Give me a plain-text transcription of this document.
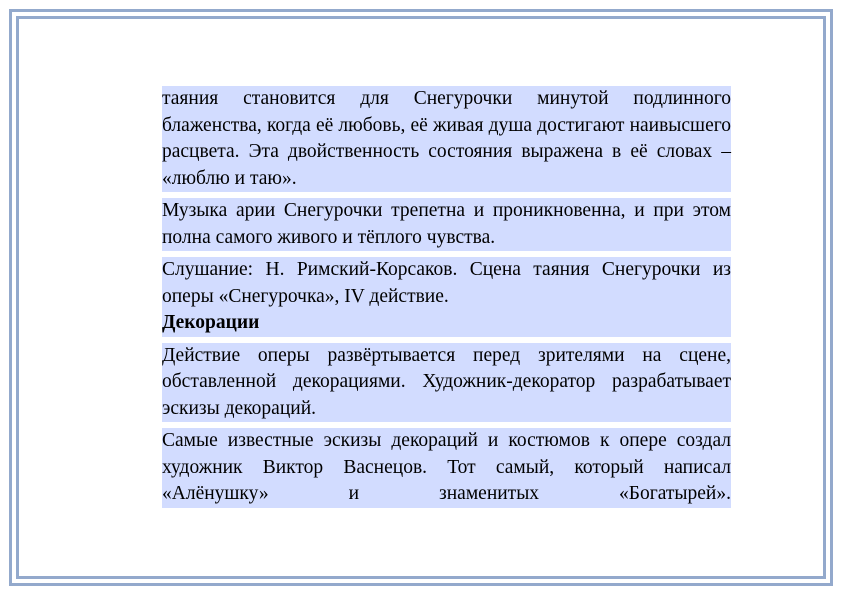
таяния становится для Снегурочки минутой подлинного блаженства, когда её любовь, её живая душа достигают наивысшего расцвета. Эта двойственность состояния выражена в её словах – «люблю и таю».

Музыка арии Снегурочки трепетна и проникновенна, и при этом полна самого живого и тёплого чувства.

Слушание: Н. Римский-Корсаков. Сцена таяния Снегурочки из оперы «Снегурочка», IV действие.

Декорации

Действие оперы развёртывается перед зрителями на сцене, обставленной декорациями. Художник-декоратор разрабатывает эскизы декораций.

Самые известные эскизы декораций и костюмов к опере создал художник Виктор Васнецов. Тот самый, который написал «Алёнушку» и знаменитых «Богатырей».
